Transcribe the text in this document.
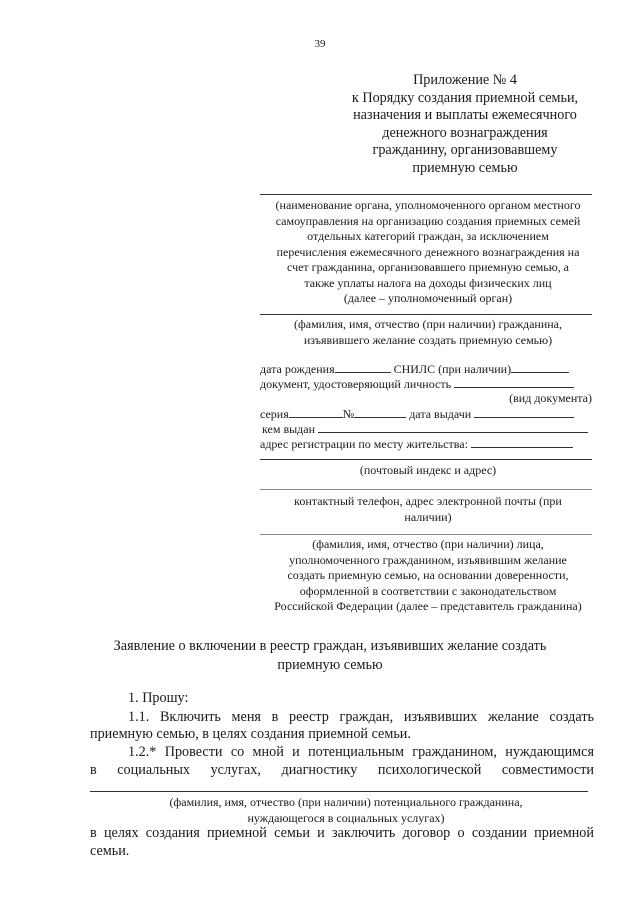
39
Приложение № 4
к Порядку создания приемной семьи,
назначения и выплаты ежемесячного
денежного вознаграждения
гражданину, организовавшему
приемную семью
(наименование органа, уполномоченного органом местного
самоуправления на организацию создания приемных семей
отдельных категорий граждан, за исключением
перечисления ежемесячного денежного вознаграждения на
счет гражданина, организовавшего приемную семью, а
также уплаты налога на доходы физических лиц
(далее – уполномоченный орган)
(фамилия, имя, отчество (при наличии) гражданина,
изъявившего желание создать приемную семью)
дата рождения	СНИЛС (при наличии)
документ, удостоверяющий личность
(вид документа)
серия	№	дата выдачи
кем выдан
адрес регистрации по месту жительства:
(почтовый индекс и адрес)
контактный телефон, адрес электронной почты (при
наличии)
(фамилия, имя, отчество (при наличии) лица,
уполномоченного гражданином, изъявившим желание
создать приемную семью, на основании доверенности,
оформленной в соответствии с законодательством
Российской Федерации (далее – представитель гражданина)
Заявление о включении в реестр граждан, изъявивших желание создать
приемную семью
1. Прошу:
1.1. Включить меня в реестр граждан, изъявивших желание создать
приемную семью, в целях создания приемной семьи.
1.2.* Провести со мной и потенциальным гражданином, нуждающимся
в социальных услугах, диагностику психологической совместимости
(фамилия, имя, отчество (при наличии) потенциального гражданина,
нуждающегося в социальных услугах)
в целях создания приемной семьи и заключить договор о создании приемной
семьи.
